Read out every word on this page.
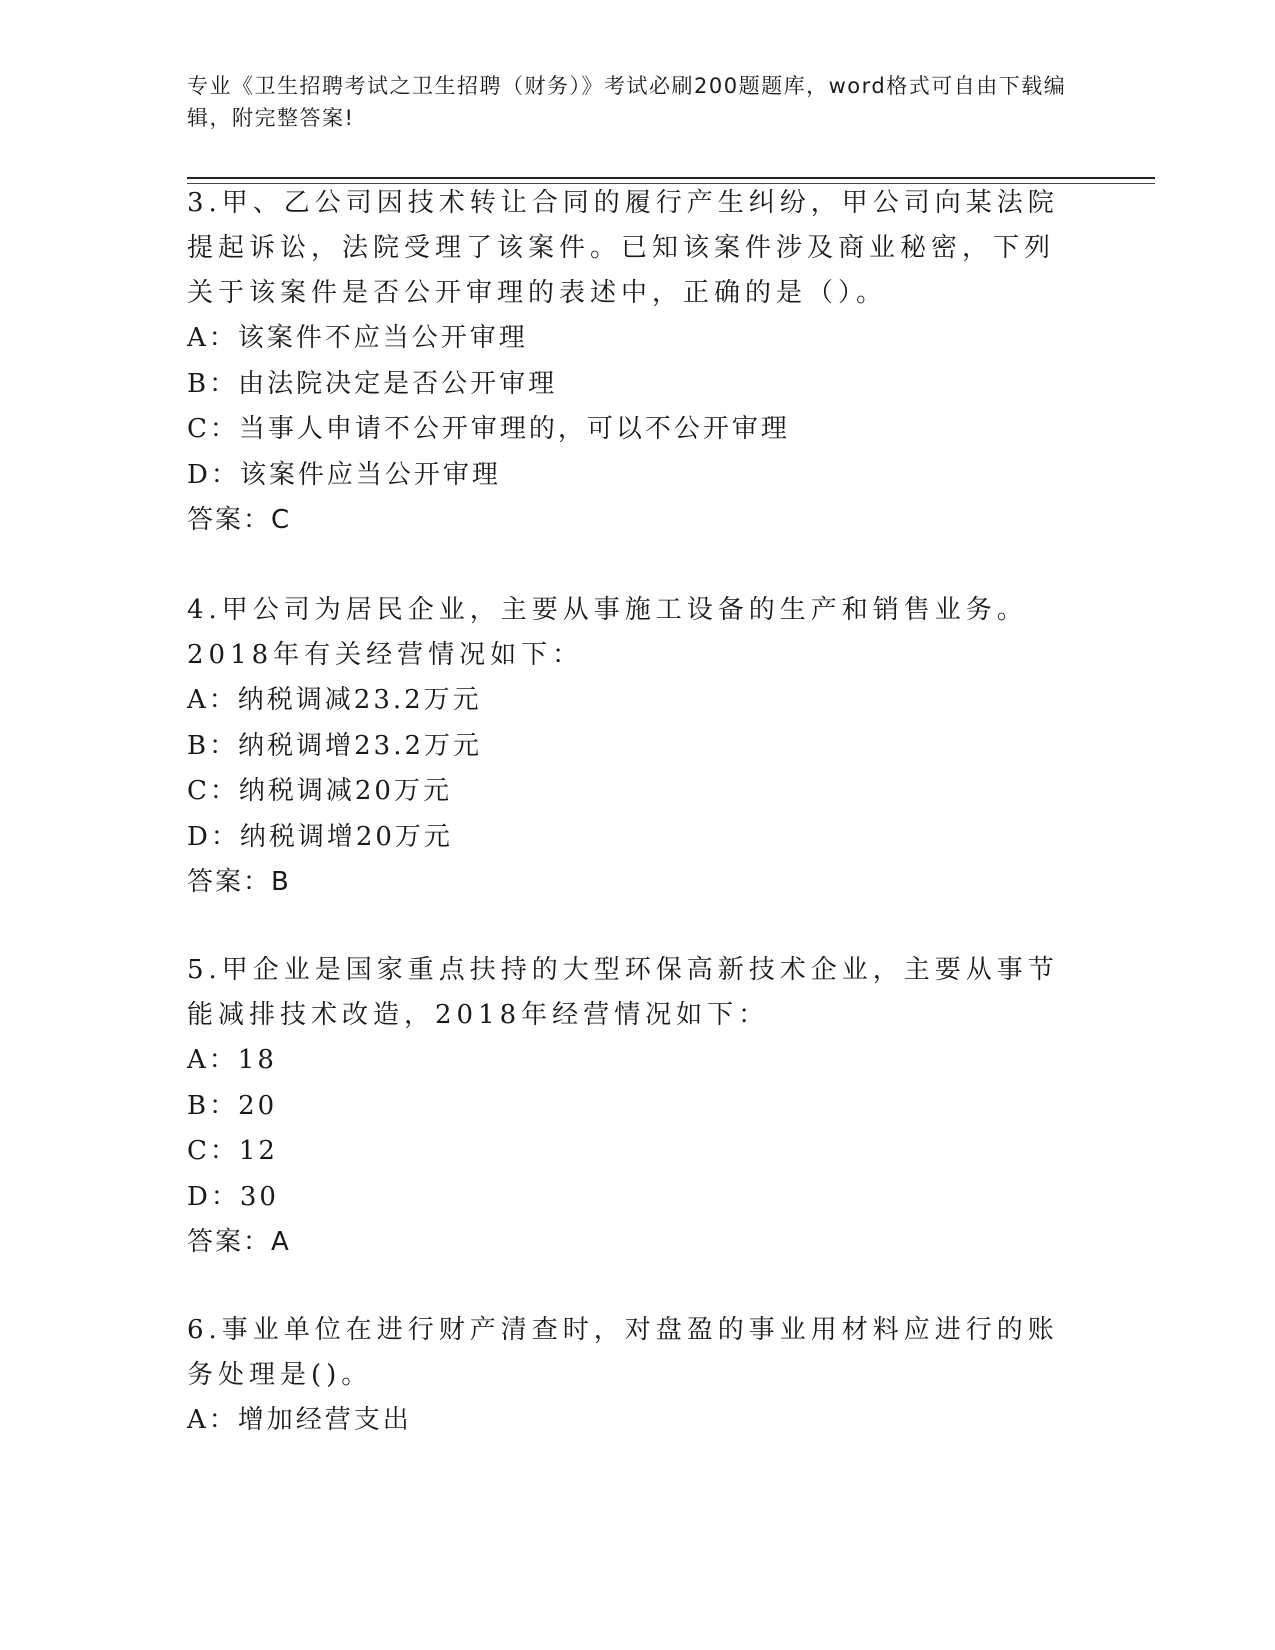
专业《卫生招聘考试之卫生招聘（财务）》考试必刷200题题库，word格式可自由下载编辑，附完整答案!

3.甲、乙公司因技术转让合同的履行产生纠纷，甲公司向某法院提起诉讼，法院受理了该案件。已知该案件涉及商业秘密，下列关于该案件是否公开审理的表述中，正确的是（）。

A：该案件不应当公开审理

B：由法院决定是否公开审理

C：当事人申请不公开审理的，可以不公开审理

D：该案件应当公开审理

答案：C

4.甲公司为居民企业，主要从事施工设备的生产和销售业务。2018年有关经营情况如下：

A：纳税调减23.2万元

B：纳税调增23.2万元

C：纳税调减20万元

D：纳税调增20万元

答案：B

5.甲企业是国家重点扶持的大型环保高新技术企业，主要从事节能减排技术改造，2018年经营情况如下：

A：18

B：20

C：12

D：30

答案：A

6.事业单位在进行财产清查时，对盘盈的事业用材料应进行的账务处理是()。

A：增加经营支出
